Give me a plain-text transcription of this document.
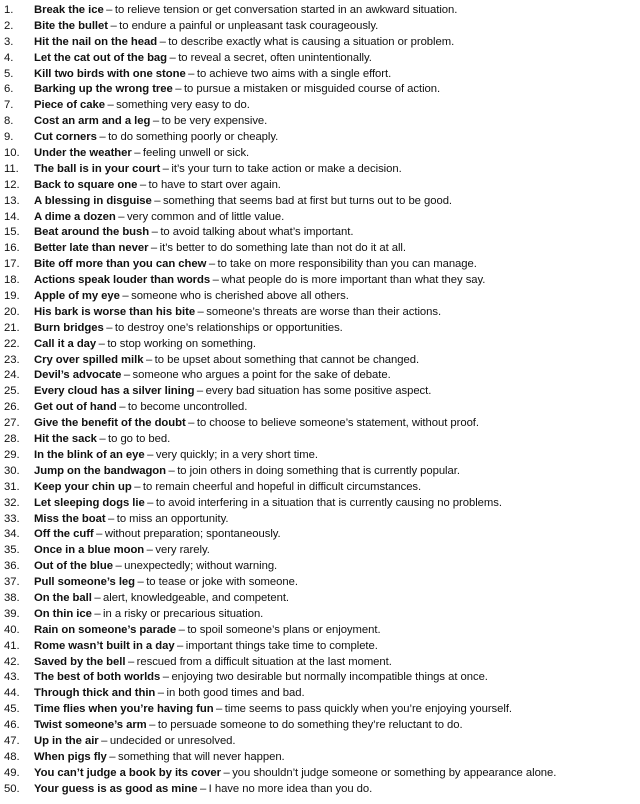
1.	Break the ice – to relieve tension or get conversation started in an awkward situation.
2.	Bite the bullet – to endure a painful or unpleasant task courageously.
3.	Hit the nail on the head – to describe exactly what is causing a situation or problem.
4.	Let the cat out of the bag – to reveal a secret, often unintentionally.
5.	Kill two birds with one stone – to achieve two aims with a single effort.
6.	Barking up the wrong tree – to pursue a mistaken or misguided course of action.
7.	Piece of cake – something very easy to do.
8.	Cost an arm and a leg – to be very expensive.
9.	Cut corners – to do something poorly or cheaply.
10.	Under the weather – feeling unwell or sick.
11.	The ball is in your court – it’s your turn to take action or make a decision.
12.	Back to square one – to have to start over again.
13.	A blessing in disguise – something that seems bad at first but turns out to be good.
14.	A dime a dozen – very common and of little value.
15.	Beat around the bush – to avoid talking about what’s important.
16.	Better late than never – it’s better to do something late than not do it at all.
17.	Bite off more than you can chew – to take on more responsibility than you can manage.
18.	Actions speak louder than words – what people do is more important than what they say.
19.	Apple of my eye – someone who is cherished above all others.
20.	His bark is worse than his bite – someone’s threats are worse than their actions.
21.	Burn bridges – to destroy one’s relationships or opportunities.
22.	Call it a day – to stop working on something.
23.	Cry over spilled milk – to be upset about something that cannot be changed.
24.	Devil’s advocate – someone who argues a point for the sake of debate.
25.	Every cloud has a silver lining – every bad situation has some positive aspect.
26.	Get out of hand – to become uncontrolled.
27.	Give the benefit of the doubt – to choose to believe someone’s statement, without proof.
28.	Hit the sack – to go to bed.
29.	In the blink of an eye – very quickly; in a very short time.
30.	Jump on the bandwagon – to join others in doing something that is currently popular.
31.	Keep your chin up – to remain cheerful and hopeful in difficult circumstances.
32.	Let sleeping dogs lie – to avoid interfering in a situation that is currently causing no problems.
33.	Miss the boat – to miss an opportunity.
34.	Off the cuff – without preparation; spontaneously.
35.	Once in a blue moon – very rarely.
36.	Out of the blue – unexpectedly; without warning.
37.	Pull someone’s leg – to tease or joke with someone.
38.	On the ball – alert, knowledgeable, and competent.
39.	On thin ice – in a risky or precarious situation.
40.	Rain on someone’s parade – to spoil someone’s plans or enjoyment.
41.	Rome wasn’t built in a day – important things take time to complete.
42.	Saved by the bell – rescued from a difficult situation at the last moment.
43.	The best of both worlds – enjoying two desirable but normally incompatible things at once.
44.	Through thick and thin – in both good times and bad.
45.	Time flies when you’re having fun – time seems to pass quickly when you’re enjoying yourself.
46.	Twist someone’s arm – to persuade someone to do something they’re reluctant to do.
47.	Up in the air – undecided or unresolved.
48.	When pigs fly – something that will never happen.
49.	You can’t judge a book by its cover – you shouldn’t judge someone or something by appearance alone.
50.	Your guess is as good as mine – I have no more idea than you do.
